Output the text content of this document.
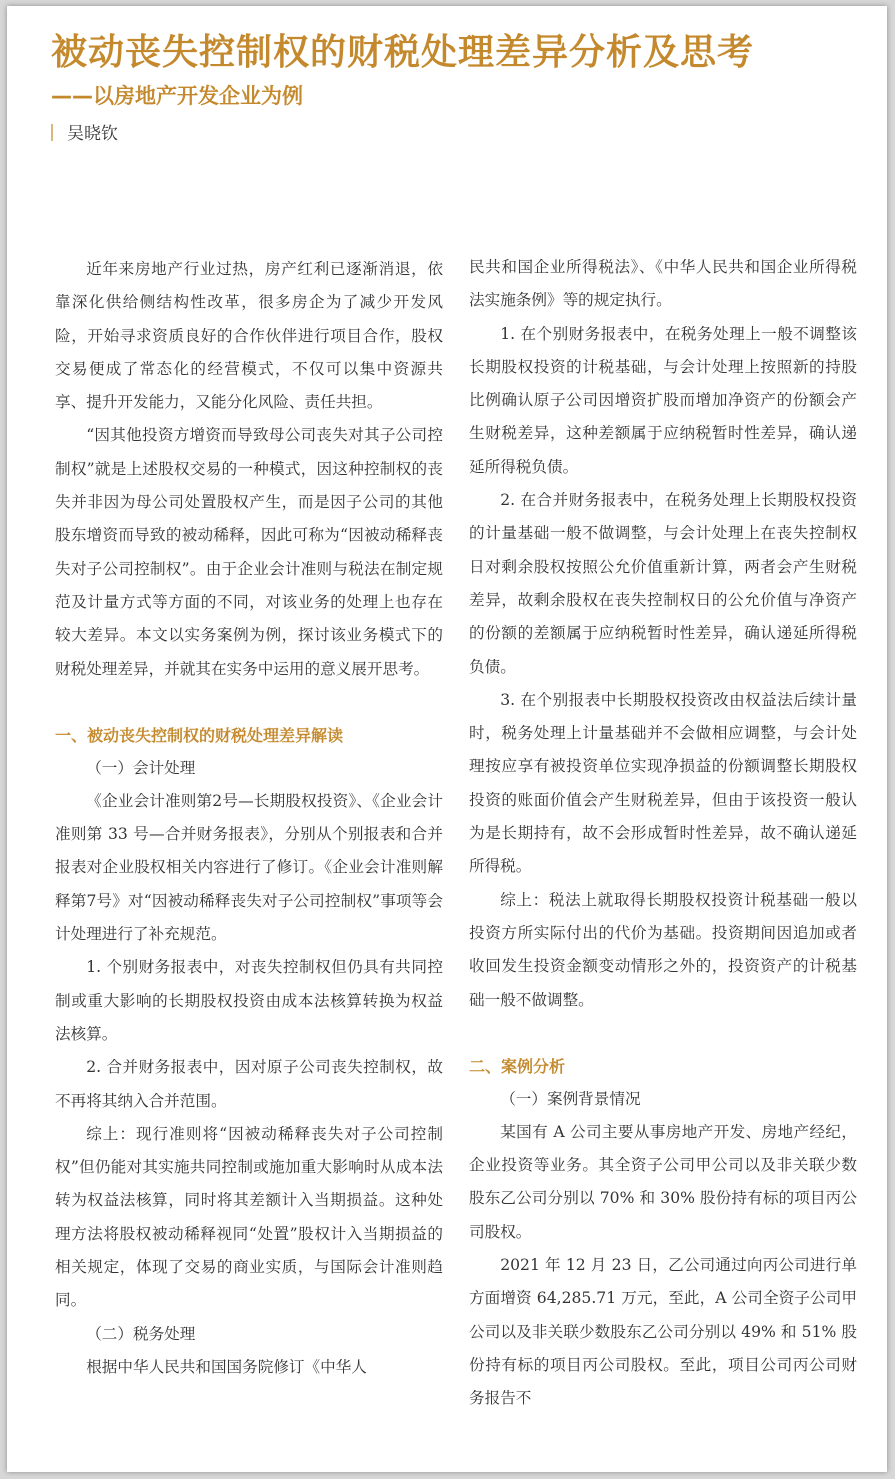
被动丧失控制权的财税处理差异分析及思考
——以房地产开发企业为例
吴晓钦

近年来房地产行业过热，房产红利已逐渐消退，依靠深化供给侧结构性改革，很多房企为了减少开发风险，开始寻求资质良好的合作伙伴进行项目合作，股权交易便成了常态化的经营模式，不仅可以集中资源共享、提升开发能力，又能分化风险、责任共担。

“因其他投资方增资而导致母公司丧失对其子公司控制权”就是上述股权交易的一种模式，因这种控制权的丧失并非因为母公司处置股权产生，而是因子公司的其他股东增资而导致的被动稀释，因此可称为“因被动稀释丧失对子公司控制权”。由于企业会计准则与税法在制定规范及计量方式等方面的不同，对该业务的处理上也存在较大差异。本文以实务案例为例，探讨该业务模式下的财税处理差异，并就其在实务中运用的意义展开思考。

一、被动丧失控制权的财税处理差异解读
（一）会计处理

《企业会计准则第2号—长期股权投资》、《企业会计准则第 33 号—合并财务报表》，分别从个别报表和合并报表对企业股权相关内容进行了修订。《企业会计准则解释第7号》对“因被动稀释丧失对子公司控制权”事项等会计处理进行了补充规范。

1. 个别财务报表中，对丧失控制权但仍具有共同控制或重大影响的长期股权投资由成本法核算转换为权益法核算。

2. 合并财务报表中，因对原子公司丧失控制权，故不再将其纳入合并范围。

综上：现行准则将“因被动稀释丧失对子公司控制权”但仍能对其实施共同控制或施加重大影响时从成本法转为权益法核算，同时将其差额计入当期损益。这种处理方法将股权被动稀释视同“处置”股权计入当期损益的相关规定，体现了交易的商业实质，与国际会计准则趋同。

（二）税务处理

根据中华人民共和国国务院修订《中华人

民共和国企业所得税法》、《中华人民共和国企业所得税法实施条例》等的规定执行。

1. 在个别财务报表中，在税务处理上一般不调整该长期股权投资的计税基础，与会计处理上按照新的持股比例确认原子公司因增资扩股而增加净资产的份额会产生财税差异，这种差额属于应纳税暂时性差异，确认递延所得税负债。

2. 在合并财务报表中，在税务处理上长期股权投资的计量基础一般不做调整，与会计处理上在丧失控制权日对剩余股权按照公允价值重新计算，两者会产生财税差异，故剩余股权在丧失控制权日的公允价值与净资产的份额的差额属于应纳税暂时性差异，确认递延所得税负债。

3. 在个别报表中长期股权投资改由权益法后续计量时，税务处理上计量基础并不会做相应调整，与会计处理按应享有被投资单位实现净损益的份额调整长期股权投资的账面价值会产生财税差异，但由于该投资一般认为是长期持有，故不会形成暂时性差异，故不确认递延所得税。

综上：税法上就取得长期股权投资计税基础一般以投资方所实际付出的代价为基础。投资期间因追加或者收回发生投资金额变动情形之外的，投资资产的计税基础一般不做调整。

二、案例分析
（一）案例背景情况

某国有 A 公司主要从事房地产开发、房地产经纪，企业投资等业务。其全资子公司甲公司以及非关联少数股东乙公司分别以 70% 和 30% 股份持有标的项目丙公司股权。

2021 年 12 月 23 日，乙公司通过向丙公司进行单方面增资 64,285.71 万元，至此，A 公司全资子公司甲公司以及非关联少数股东乙公司分别以 49% 和 51% 股份持有标的项目丙公司股权。至此，项目公司丙公司财务报告不
